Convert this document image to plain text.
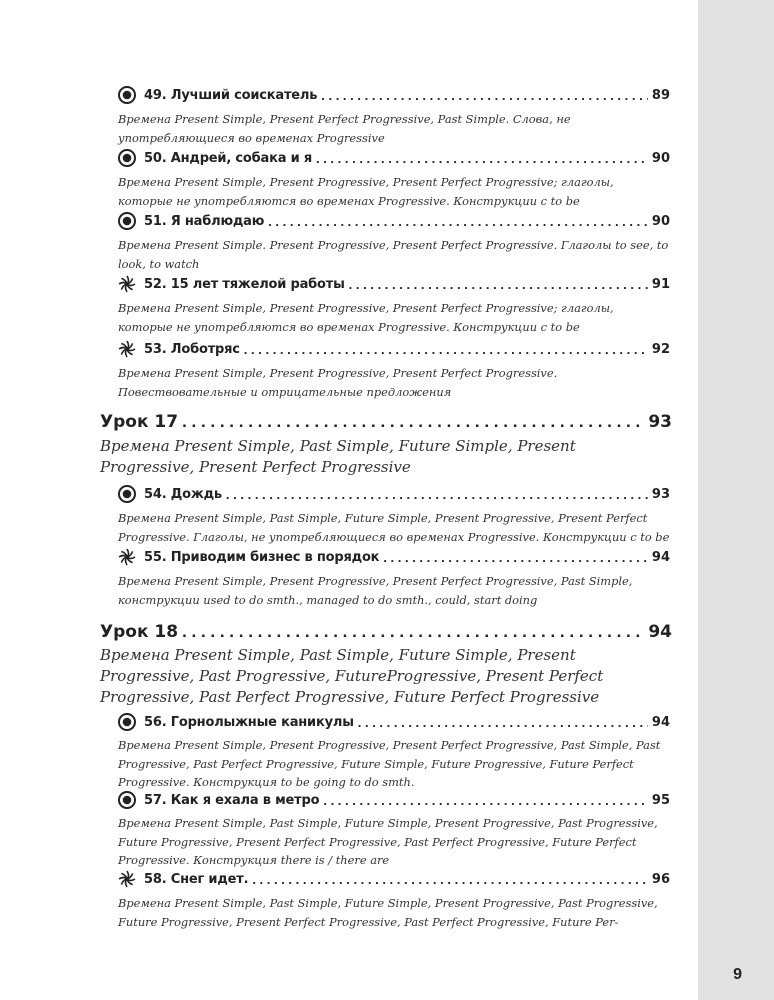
49. Лучший соискатель . . .	89
Времена Present Simple, Present Perfect Progressive, Past Simple. Слова, не употребляющиеся во временах Progressive
50. Андрей, собака и я . . .	90
Времена Present Simple, Present Progressive, Present Perfect Progressive; глаголы, которые не употребляются во временах Progressive. Конструкции с to be
51. Я наблюдаю . . .	90
Времена Present Simple. Present Progressive, Present Perfect Progressive. Глаголы to see, to look, to watch
52. 15 лет тяжелой работы . . .	91
Времена Present Simple, Present Progressive, Present Perfect Progressive; глаголы, которые не употребляются во временах Progressive. Конструкции с to be
53. Лоботряс . . .	92
Времена Present Simple, Present Progressive, Present Perfect Progressive. Повествовательные и отрицательные предложения
Урок 17 . . .	93
Времена Present Simple, Past Simple, Future Simple, Present Progressive, Present Perfect Progressive
54. Дождь . . .	93
Времена Present Simple, Past Simple, Future Simple, Present Progressive, Present Perfect Progressive. Глаголы, не употребляющиеся во временах Progressive. Конструкции с to be
55. Приводим бизнес в порядок . . .	94
Времена Present Simple, Present Progressive, Present Perfect Progressive, Past Simple, конструкции used to do smth., managed to do smth., could, start doing
Урок 18 . . .	94
Времена Present Simple, Past Simple, Future Simple, Present Progressive, Past Progressive, FutureProgressive, Present Perfect Progressive, Past Perfect Progressive, Future Perfect Progressive
56. Горнолыжные каникулы . . .	94
Времена Present Simple, Present Progressive, Present Perfect Progressive, Past Simple, Past Progressive, Past Perfect Progressive, Future Simple, Future Progressive, Future Perfect Progressive. Конструкция to be going to do smth.
57. Как я ехала в метро . . .	95
Времена Present Simple, Past Simple, Future Simple, Present Progressive, Past Progressive, Future Progressive, Present Perfect Progressive, Past Perfect Progressive, Future Perfect Progressive. Конструкция there is / there are
58. Снег идет. . . .	96
Времена Present Simple, Past Simple, Future Simple, Present Progressive, Past Progressive, Future Progressive, Present Perfect Progressive, Past Perfect Progressive, Future Per-
9
